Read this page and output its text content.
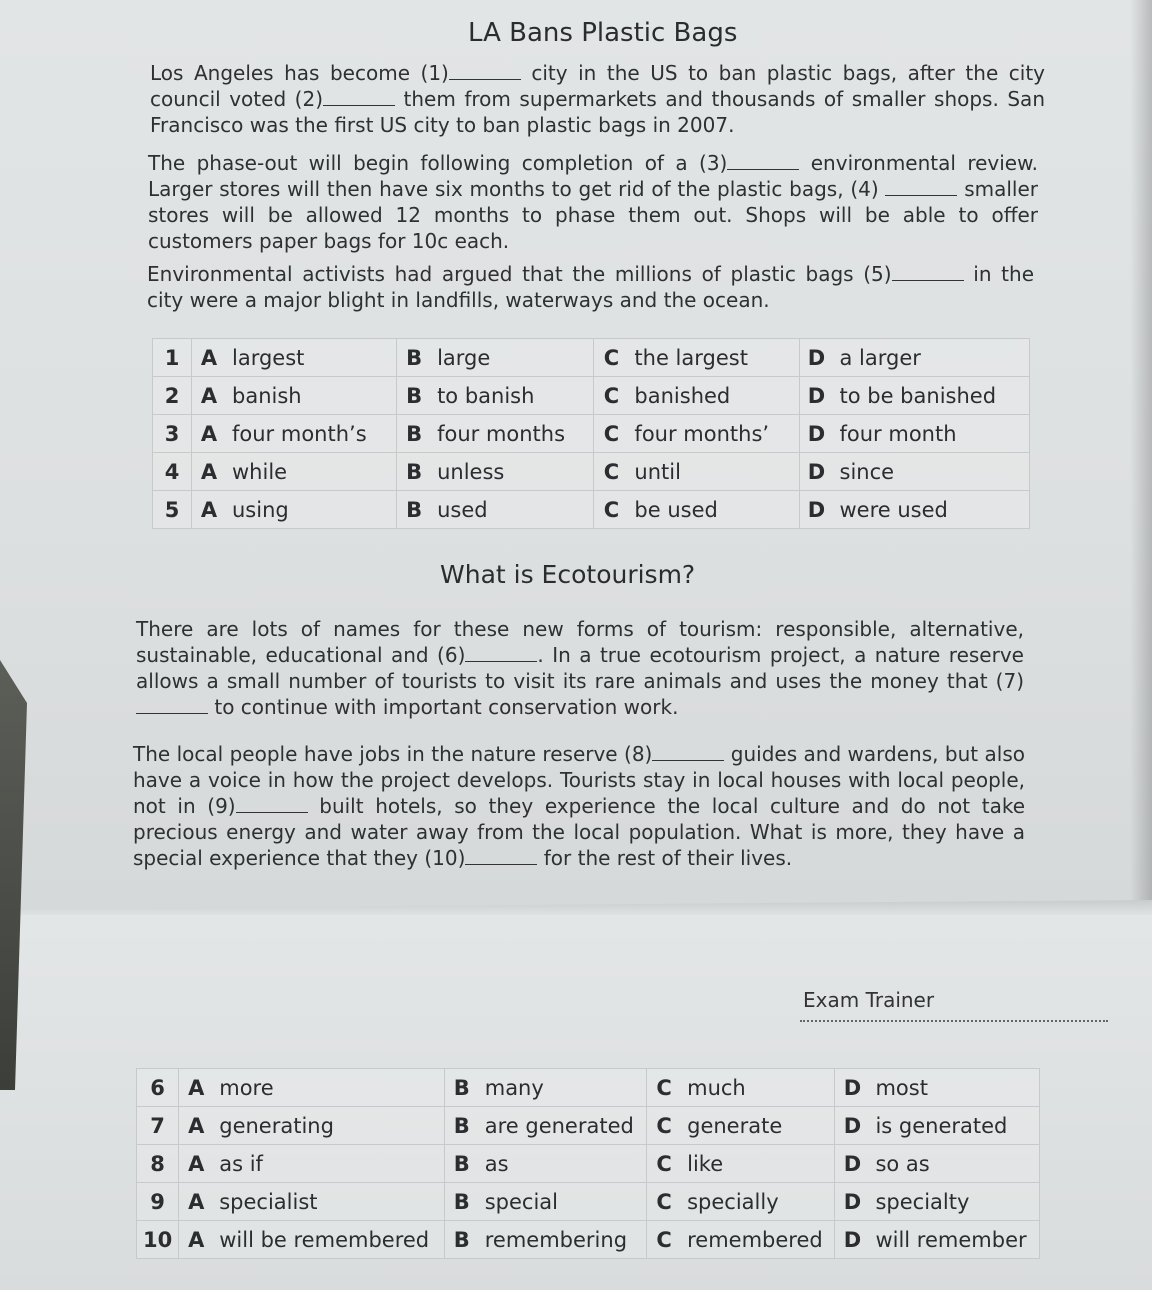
LA Bans Plastic Bags

Los Angeles has become (1)	city in the US to ban plastic bags, after the city council voted (2)	them from supermarkets and thousands of smaller shops. San Francisco was the first US city to ban plastic bags in 2007.

The phase-out will begin following completion of a (3)	environmental review. Larger stores will then have six months to get rid of the plastic bags, (4)	smaller stores will be allowed 12 months to phase them out. Shops will be able to offer customers paper bags for 10c each.

Environmental activists had argued that the millions of plastic bags (5)	in the city were a major blight in landfills, waterways and the ocean.

1	A	largest	B	large	C	the largest	D	a larger
2	A	banish	B	to banish	C	banished	D	to be banished
3	A	four month’s	B	four months	C	four months’	D	four month
4	A	while	B	unless	C	until	D	since
5	A	using	B	used	C	be used	D	were used
What is Ecotourism?

There are lots of names for these new forms of tourism: responsible, alternative, sustainable, educational and (6)	. In a true ecotourism project, a nature reserve allows a small number of tourists to visit its rare animals and uses the money that (7) to continue with important conservation work.

The local people have jobs in the nature reserve (8)	guides and wardens, but also have a voice in how the project develops. Tourists stay in local houses with local people, not in (9)	built hotels, so they experience the local culture and do not take precious energy and water away from the local population. What is more, they have a special experience that they (10)	for the rest of their lives.

Exam Trainer
6	A	more	B	many	C	much	D	most
7	A	generating	B	are generated	C	generate	D	is generated
8	A	as if	B	as	C	like	D	so as
9	A	specialist	B	special	C	specially	D	specialty
10	A	will be remembered	B	remembering	C	remembered	D	will remember
